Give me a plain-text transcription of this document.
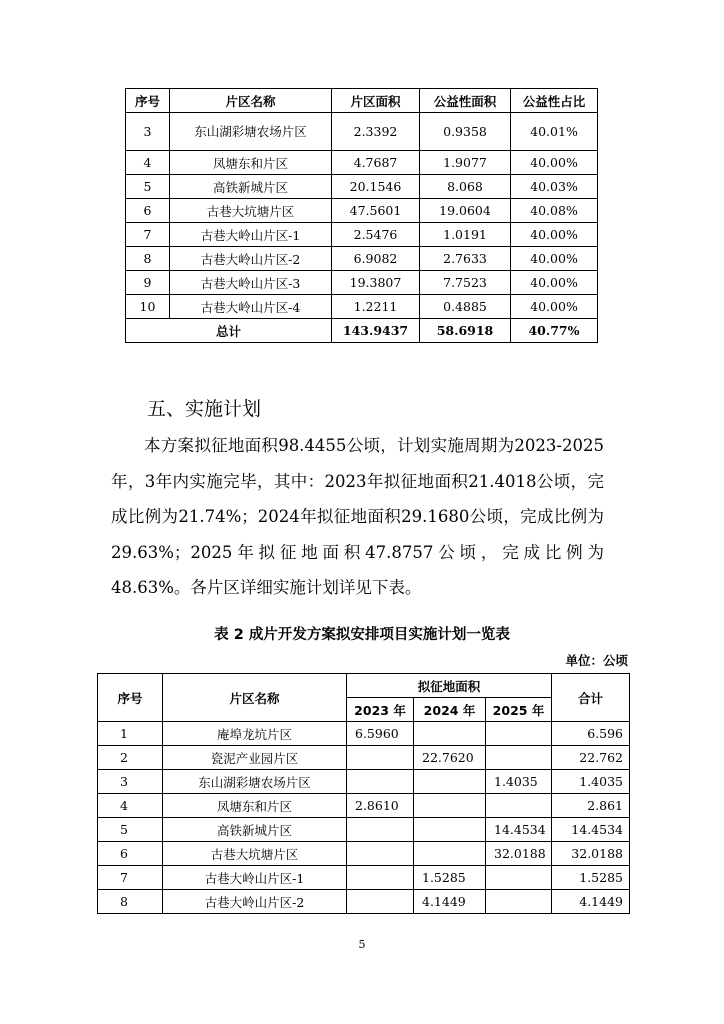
序号	片区名称	片区面积	公益性面积	公益性占比
3	东山湖彩塘农场片区	2.3392	0.9358	40.01%
4	凤塘东和片区	4.7687	1.9077	40.00%
5	高铁新城片区	20.1546	8.068	40.03%
6	古巷大坑塘片区	47.5601	19.0604	40.08%
7	古巷大岭山片区-1	2.5476	1.0191	40.00%
8	古巷大岭山片区-2	6.9082	2.7633	40.00%
9	古巷大岭山片区-3	19.3807	7.7523	40.00%
10	古巷大岭山片区-4	1.2211	0.4885	40.00%
总计		143.9437	58.6918	40.77%
五、实施计划

本方案拟征地面积98.4455公顷，计划实施周期为2023-2025年，3年内实施完毕，其中：2023年拟征地面积21.4018公顷，完成比例为21.74%；2024年拟征地面积29.1680公顷，完成比例为29.63%；2025年拟征地面积47.8757公顷，完成比例为48.63%。各片区详细实施计划详见下表。

表 2 成片开发方案拟安排项目实施计划一览表
单位：公顷
序号	片区名称	拟征地面积			合计
		2023 年	2024 年	2025 年	
1	庵埠龙坑片区	6.5960			6.596
2	瓷泥产业园片区		22.7620		22.762
3	东山湖彩塘农场片区			1.4035	1.4035
4	凤塘东和片区	2.8610			2.861
5	高铁新城片区			14.4534	14.4534
6	古巷大坑塘片区			32.0188	32.0188
7	古巷大岭山片区-1		1.5285		1.5285
8	古巷大岭山片区-2		4.1449		4.1449
5
